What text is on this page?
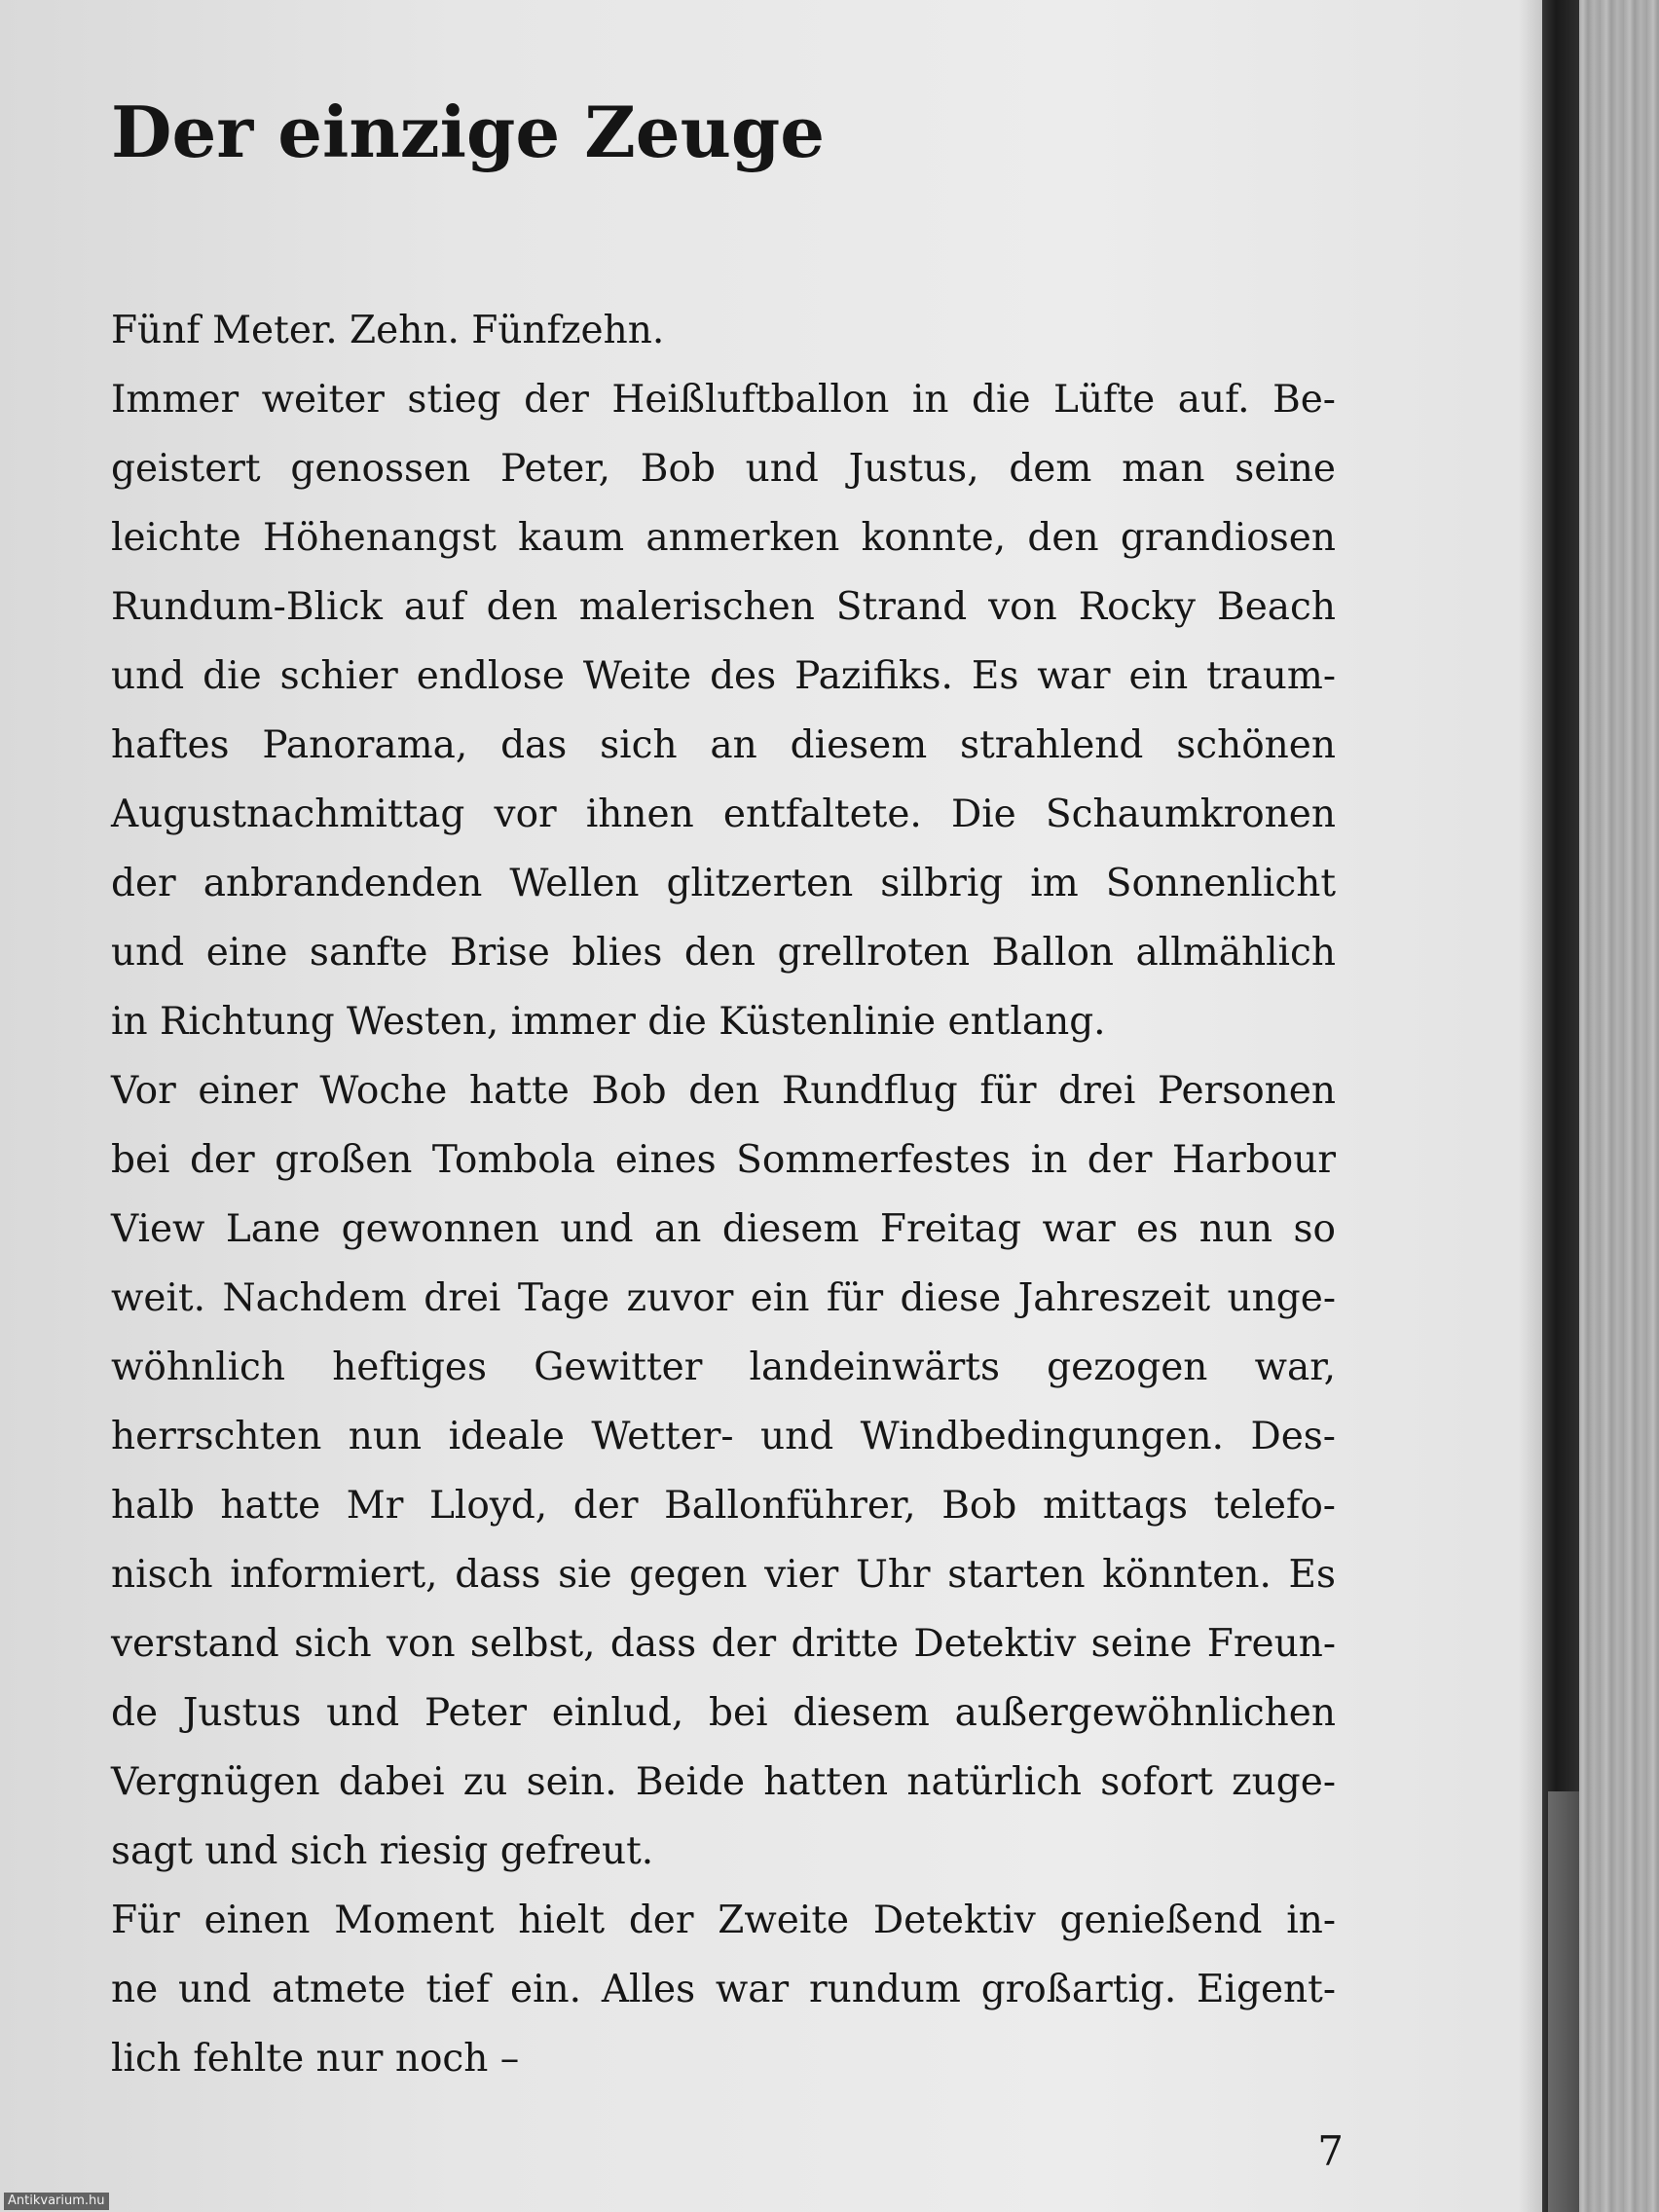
Der einzige Zeuge
Fünf Meter. Zehn. Fünfzehn.
Immer weiter stieg der Heißluftballon in die Lüfte auf. Be-
geistert genossen Peter, Bob und Justus, dem man seine
leichte Höhenangst kaum anmerken konnte, den grandiosen
Rundum-Blick auf den malerischen Strand von Rocky Beach
und die schier endlose Weite des Pazifiks. Es war ein traum-
haftes Panorama, das sich an diesem strahlend schönen
Augustnachmittag vor ihnen entfaltete. Die Schaumkronen
der anbrandenden Wellen glitzerten silbrig im Sonnenlicht
und eine sanfte Brise blies den grellroten Ballon allmählich
in Richtung Westen, immer die Küstenlinie entlang.
Vor einer Woche hatte Bob den Rundflug für drei Personen
bei der großen Tombola eines Sommerfestes in der Harbour
View Lane gewonnen und an diesem Freitag war es nun so
weit. Nachdem drei Tage zuvor ein für diese Jahreszeit unge-
wöhnlich heftiges Gewitter landeinwärts gezogen war,
herrschten nun ideale Wetter- und Windbedingungen. Des-
halb hatte Mr Lloyd, der Ballonführer, Bob mittags telefo-
nisch informiert, dass sie gegen vier Uhr starten könnten. Es
verstand sich von selbst, dass der dritte Detektiv seine Freun-
de Justus und Peter einlud, bei diesem außergewöhnlichen
Vergnügen dabei zu sein. Beide hatten natürlich sofort zuge-
sagt und sich riesig gefreut.
Für einen Moment hielt der Zweite Detektiv genießend in-
ne und atmete tief ein. Alles war rundum großartig. Eigent-
lich fehlte nur noch –
7
Antikvarium.hu
